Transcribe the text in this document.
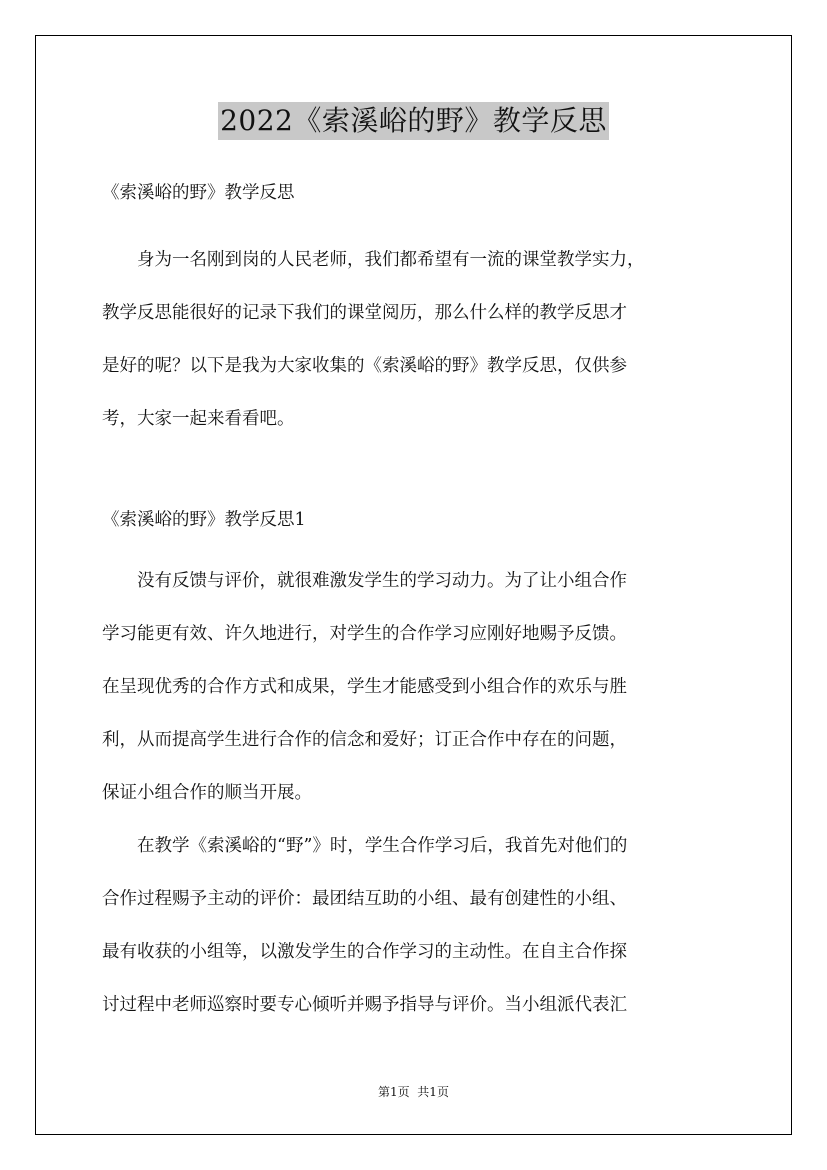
2022《索溪峪的野》教学反思
《索溪峪的野》教学反思

身为一名刚到岗的人民老师，我们都希望有一流的课堂教学实力，
教学反思能很好的记录下我们的课堂阅历，那么什么样的教学反思才
是好的呢？以下是我为大家收集的《索溪峪的野》教学反思，仅供参
考，大家一起来看看吧。

《索溪峪的野》教学反思1

没有反馈与评价，就很难激发学生的学习动力。为了让小组合作
学习能更有效、许久地进行，对学生的合作学习应刚好地赐予反馈。
在呈现优秀的合作方式和成果，学生才能感受到小组合作的欢乐与胜
利，从而提高学生进行合作的信念和爱好；订正合作中存在的问题，
保证小组合作的顺当开展。

在教学《索溪峪的“野”》时，学生合作学习后，我首先对他们的
合作过程赐予主动的评价：最团结互助的小组、最有创建性的小组、
最有收获的小组等，以激发学生的合作学习的主动性。在自主合作探
讨过程中老师巡察时要专心倾听并赐予指导与评价。当小组派代表汇

第1页  共1页
